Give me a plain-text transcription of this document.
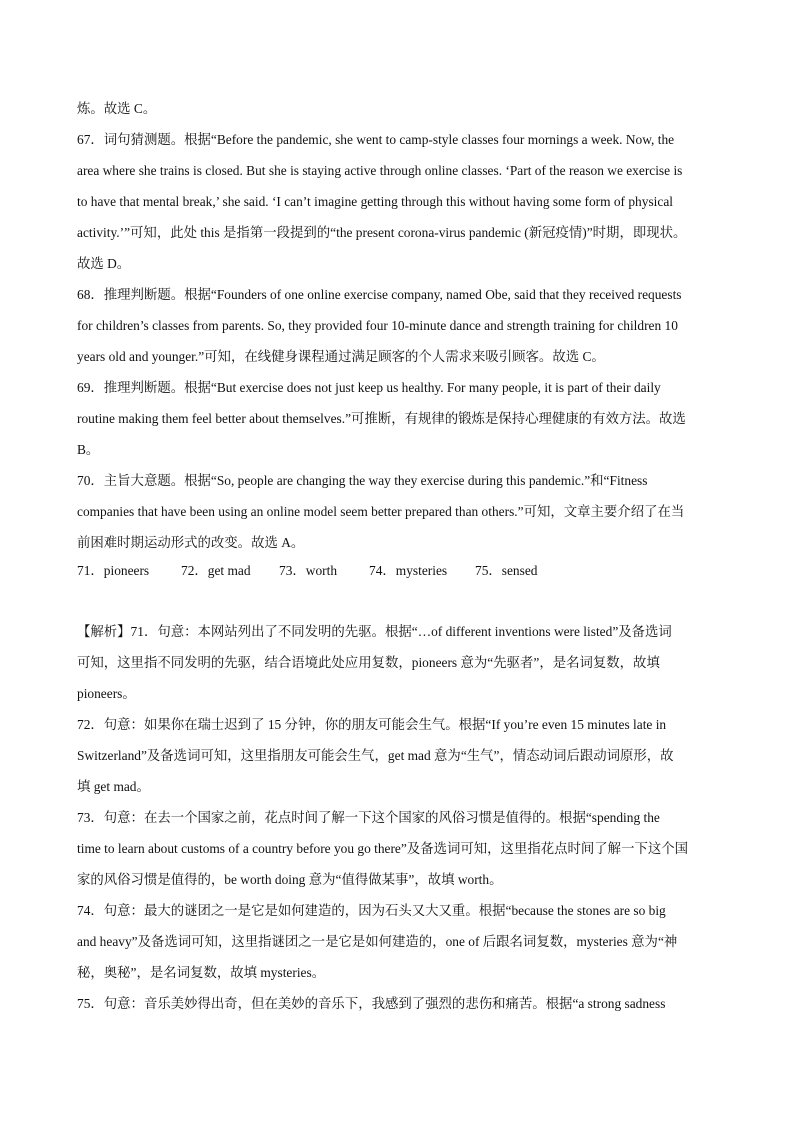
炼。故选 C。
67．词句猜测题。根据“Before the pandemic, she went to camp-style classes four mornings a week. Now, the
area where she trains is closed. But she is staying active through online classes. ‘Part of the reason we exercise is
to have that mental break,’ she said. ‘I can’t imagine getting through this without having some form of physical
activity.’”可知，此处 this 是指第一段提到的“the present corona-virus pandemic (新冠疫情)”时期，即现状。
故选 D。
68．推理判断题。根据“Founders of one online exercise company, named Obe, said that they received requests
for children’s classes from parents. So, they provided four 10-minute dance and strength training for children 10
years old and younger.”可知，在线健身课程通过满足顾客的个人需求来吸引顾客。故选 C。
69．推理判断题。根据“But exercise does not just keep us healthy. For many people, it is part of their daily
routine making them feel better about themselves.”可推断，有规律的锻炼是保持心理健康的有效方法。故选
B。
70．主旨大意题。根据“So, people are changing the way they exercise during this pandemic.”和“Fitness
companies that have been using an online model seem better prepared than others.”可知，文章主要介绍了在当
前困难时期运动形式的改变。故选 A。
【解析】71．句意：本网站列出了不同发明的先驱。根据“…of different inventions were listed”及备选词
可知，这里指不同发明的先驱，结合语境此处应用复数，pioneers 意为“先驱者”，是名词复数，故填
pioneers。
72．句意：如果你在瑞士迟到了 15 分钟，你的朋友可能会生气。根据“If you’re even 15 minutes late in
Switzerland”及备选词可知，这里指朋友可能会生气，get mad 意为“生气”，情态动词后跟动词原形，故
填 get mad。
73．句意：在去一个国家之前，花点时间了解一下这个国家的风俗习惯是值得的。根据“spending the
time to learn about customs of a country before you go there”及备选词可知，这里指花点时间了解一下这个国
家的风俗习惯是值得的，be worth doing 意为“值得做某事”，故填 worth。
74．句意：最大的谜团之一是它是如何建造的，因为石头又大又重。根据“because the stones are so big
and heavy”及备选词可知，这里指谜团之一是它是如何建造的，one of 后跟名词复数，mysteries 意为“神
秘，奥秘”，是名词复数，故填 mysteries。
75．句意：音乐美妙得出奇，但在美妙的音乐下，我感到了强烈的悲伤和痛苦。根据“a strong sadness
71．pioneers 72．get mad 73．worth 74．mysteries 75．sensed
